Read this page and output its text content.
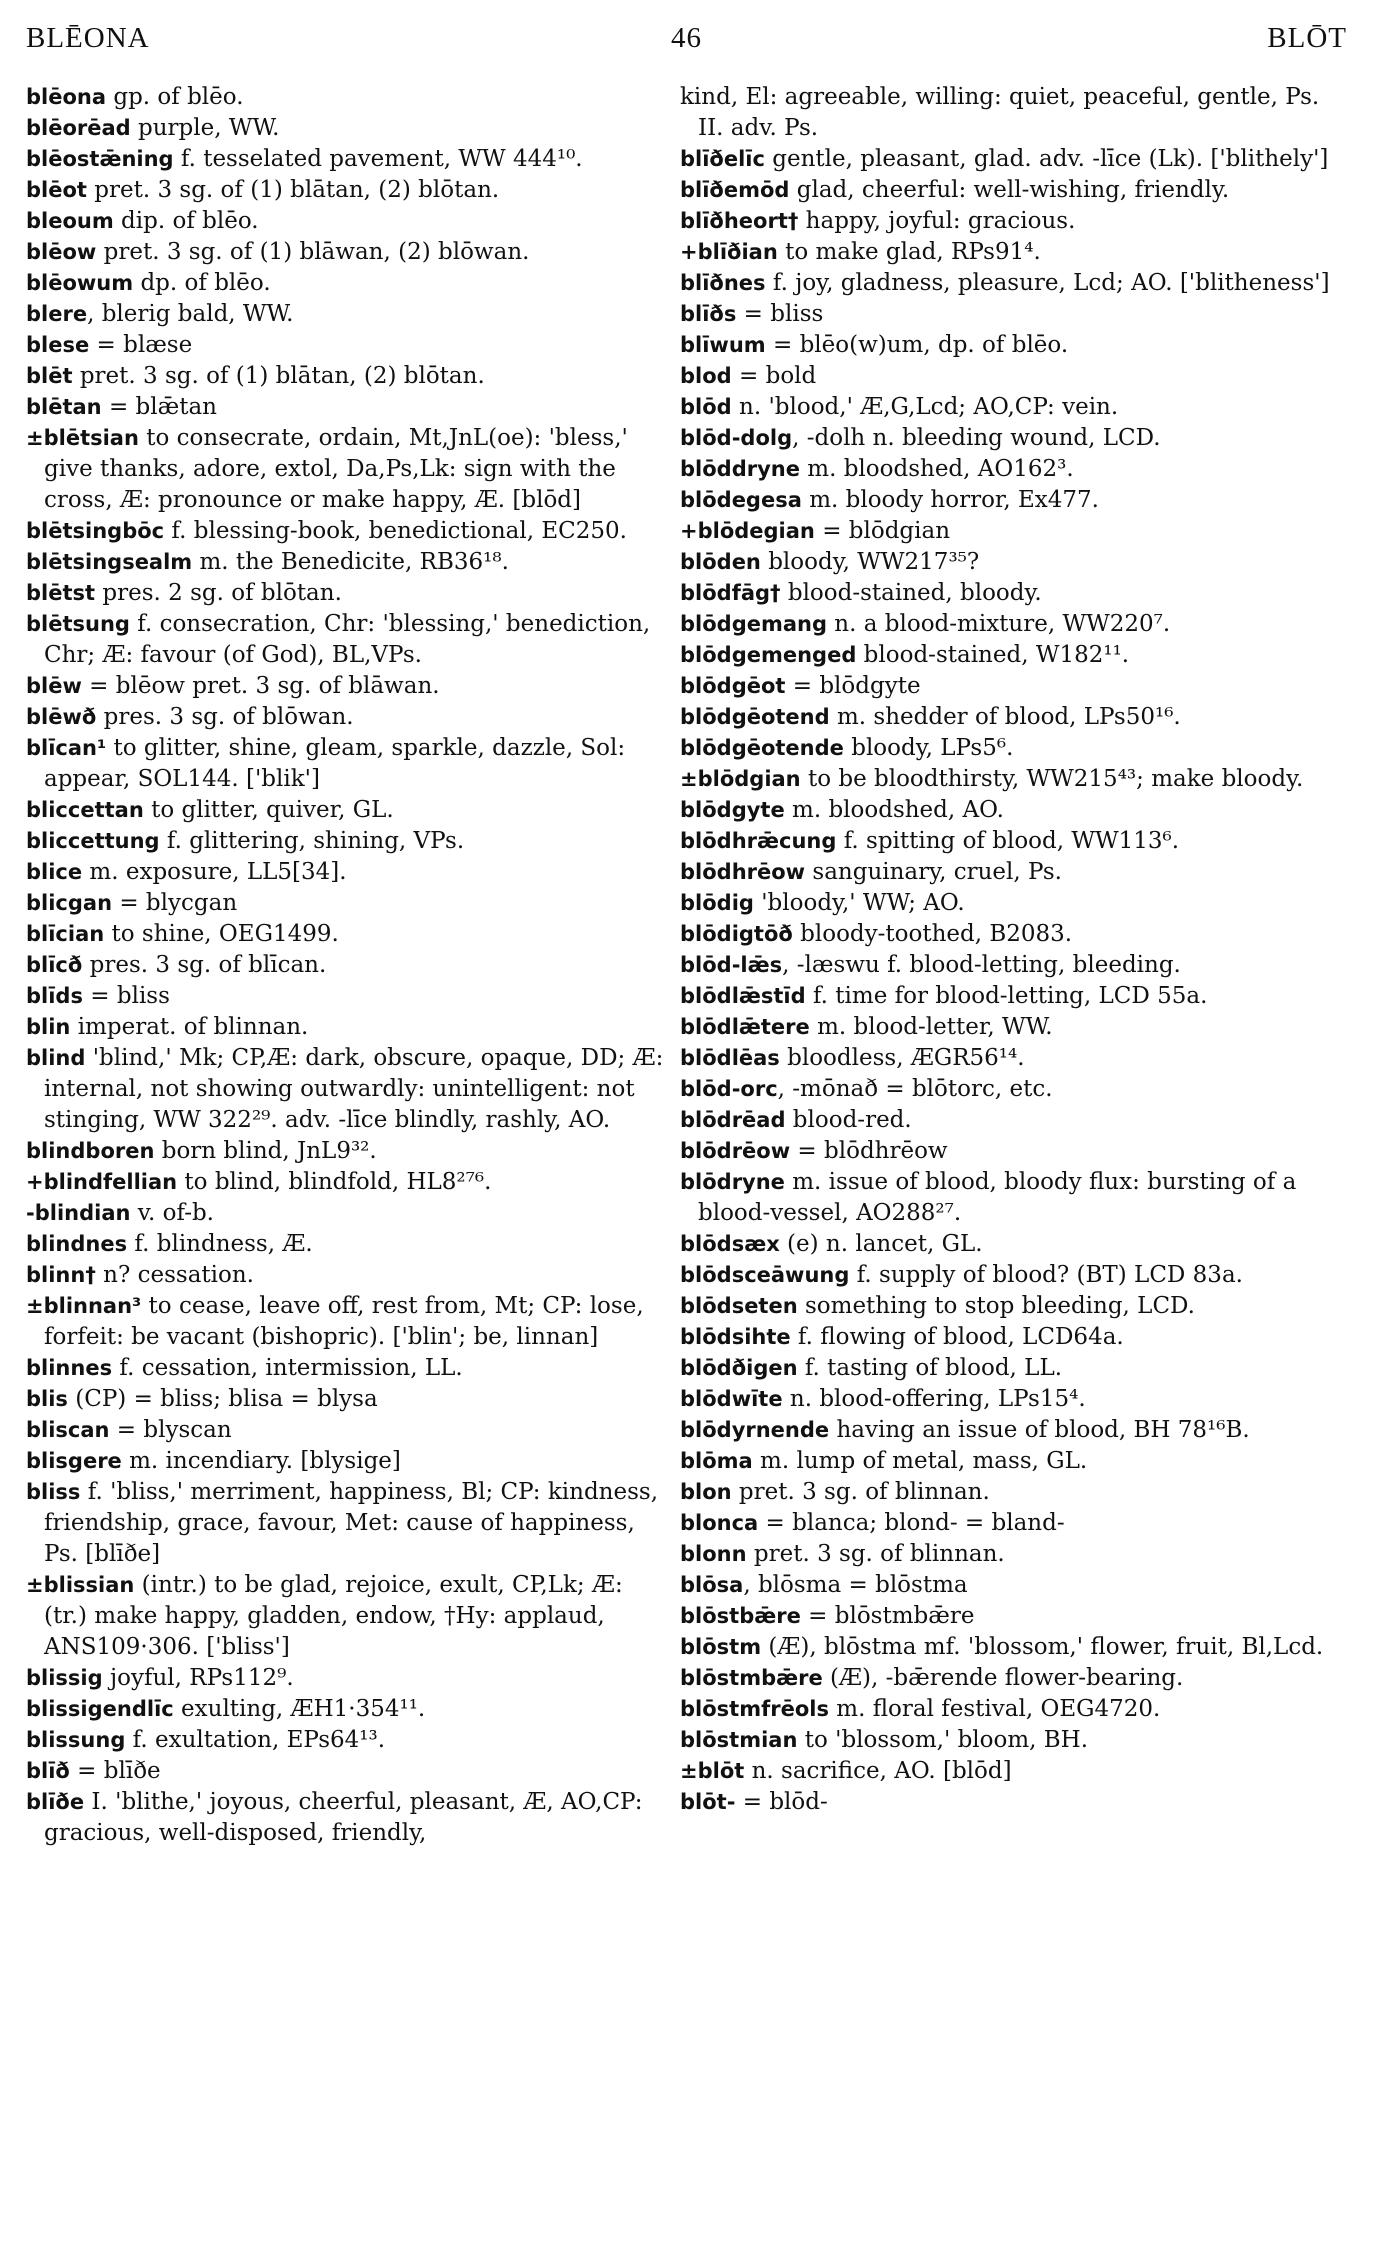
BLĒONA	46	BLŌT
blēona gp. of blēo.
blēorēad purple, WW.
blēostǣning f. tesselated pavement, WW 444¹⁰.
blēot pret. 3 sg. of (1) blātan, (2) blōtan.
bleoum dip. of blēo.
blēow pret. 3 sg. of (1) blāwan, (2) blōwan.
blēowum dp. of blēo.
blere, blerig bald, WW.
blese = blæse
blēt pret. 3 sg. of (1) blātan, (2) blōtan.
blētan = blǣtan
±blētsian to consecrate, ordain, Mt,JnL(oe): 'bless,' give thanks, adore, extol, Da,Ps,Lk: sign with the cross, Æ: pronounce or make happy, Æ. [blōd]
blētsingbōc f. blessing-book, benedictional, EC250.
blētsingsealm m. the Benedicite, RB36¹⁸.
blētst pres. 2 sg. of blōtan.
blētsung f. consecration, Chr: 'blessing,' benediction, Chr; Æ: favour (of God), BL,VPs.
blēw = blēow pret. 3 sg. of blāwan.
blēwð pres. 3 sg. of blōwan.
blīcan¹ to glitter, shine, gleam, sparkle, dazzle, Sol: appear, SOL144. ['blik']
bliccettan to glitter, quiver, GL.
bliccettung f. glittering, shining, VPs.
blice m. exposure, LL5[34].
blicgan = blycgan
blīcian to shine, OEG1499.
blīcð pres. 3 sg. of blīcan.
blīds = bliss
blin imperat. of blinnan.
blind 'blind,' Mk; CP,Æ: dark, obscure, opaque, DD; Æ: internal, not showing outwardly: unintelligent: not stinging, WW 322²⁹. adv. -līce blindly, rashly, AO.
blindboren born blind, JnL9³².
+blindfellian to blind, blindfold, HL8²⁷⁶.
-blindian v. of-b.
blindnes f. blindness, Æ.
blinn† n? cessation.
±blinnan³ to cease, leave off, rest from, Mt; CP: lose, forfeit: be vacant (bishopric). ['blin'; be, linnan]
blinnes f. cessation, intermission, LL.
blis (CP) = bliss; blisa = blysa
bliscan = blyscan
blisgere m. incendiary. [blysige]
bliss f. 'bliss,' merriment, happiness, Bl; CP: kindness, friendship, grace, favour, Met: cause of happiness, Ps. [blīðe]
±blissian (intr.) to be glad, rejoice, exult, CP,Lk; Æ: (tr.) make happy, gladden, endow, †Hy: applaud, ANS109·306. ['bliss']
blissig joyful, RPs112⁹.
blissigendlīc exulting, ÆH1·354¹¹.
blissung f. exultation, EPs64¹³.
blīð = blīðe
blīðe I. 'blithe,' joyous, cheerful, pleasant, Æ, AO,CP: gracious, well-disposed, friendly,
kind, El: agreeable, willing: quiet, peaceful, gentle, Ps. II. adv. Ps.
blīðelīc gentle, pleasant, glad. adv. -līce (Lk). ['blithely']
blīðemōd glad, cheerful: well-wishing, friendly.
blīðheort† happy, joyful: gracious.
+blīðian to make glad, RPs91⁴.
blīðnes f. joy, gladness, pleasure, Lcd; AO. ['blitheness']
blīðs = bliss
blīwum = blēo(w)um, dp. of blēo.
blod = bold
blōd n. 'blood,' Æ,G,Lcd; AO,CP: vein.
blōd-dolg, -dolh n. bleeding wound, LCD.
blōddryne m. bloodshed, AO162³.
blōdegesa m. bloody horror, Ex477.
+blōdegian = blōdgian
blōden bloody, WW217³⁵?
blōdfāg† blood-stained, bloody.
blōdgemang n. a blood-mixture, WW220⁷.
blōdgemenged blood-stained, W182¹¹.
blōdgēot = blōdgyte
blōdgēotend m. shedder of blood, LPs50¹⁶.
blōdgēotende bloody, LPs5⁶.
±blōdgian to be bloodthirsty, WW215⁴³; make bloody.
blōdgyte m. bloodshed, AO.
blōdhrǣcung f. spitting of blood, WW113⁶.
blōdhrēow sanguinary, cruel, Ps.
blōdig 'bloody,' WW; AO.
blōdigtōð bloody-toothed, B2083.
blōd-lǣs, -læswu f. blood-letting, bleeding.
blōdlǣstīd f. time for blood-letting, LCD 55a.
blōdlǣtere m. blood-letter, WW.
blōdlēas bloodless, ÆGR56¹⁴.
blōd-orc, -mōnað = blōtorc, etc.
blōdrēad blood-red.
blōdrēow = blōdhrēow
blōdryne m. issue of blood, bloody flux: bursting of a blood-vessel, AO288²⁷.
blōdsæx (e) n. lancet, GL.
blōdsceāwung f. supply of blood? (BT) LCD 83a.
blōdseten something to stop bleeding, LCD.
blōdsihte f. flowing of blood, LCD64a.
blōdðigen f. tasting of blood, LL.
blōdwīte n. blood-offering, LPs15⁴.
blōdyrnende having an issue of blood, BH 78¹⁶B.
blōma m. lump of metal, mass, GL.
blon pret. 3 sg. of blinnan.
blonca = blanca; blond- = bland-
blonn pret. 3 sg. of blinnan.
blōsa, blōsma = blōstma
blōstbǣre = blōstmbǣre
blōstm (Æ), blōstma mf. 'blossom,' flower, fruit, Bl,Lcd.
blōstmbǣre (Æ), -bǣrende flower-bearing.
blōstmfrēols m. floral festival, OEG4720.
blōstmian to 'blossom,' bloom, BH.
±blōt n. sacrifice, AO. [blōd]
blōt- = blōd-
